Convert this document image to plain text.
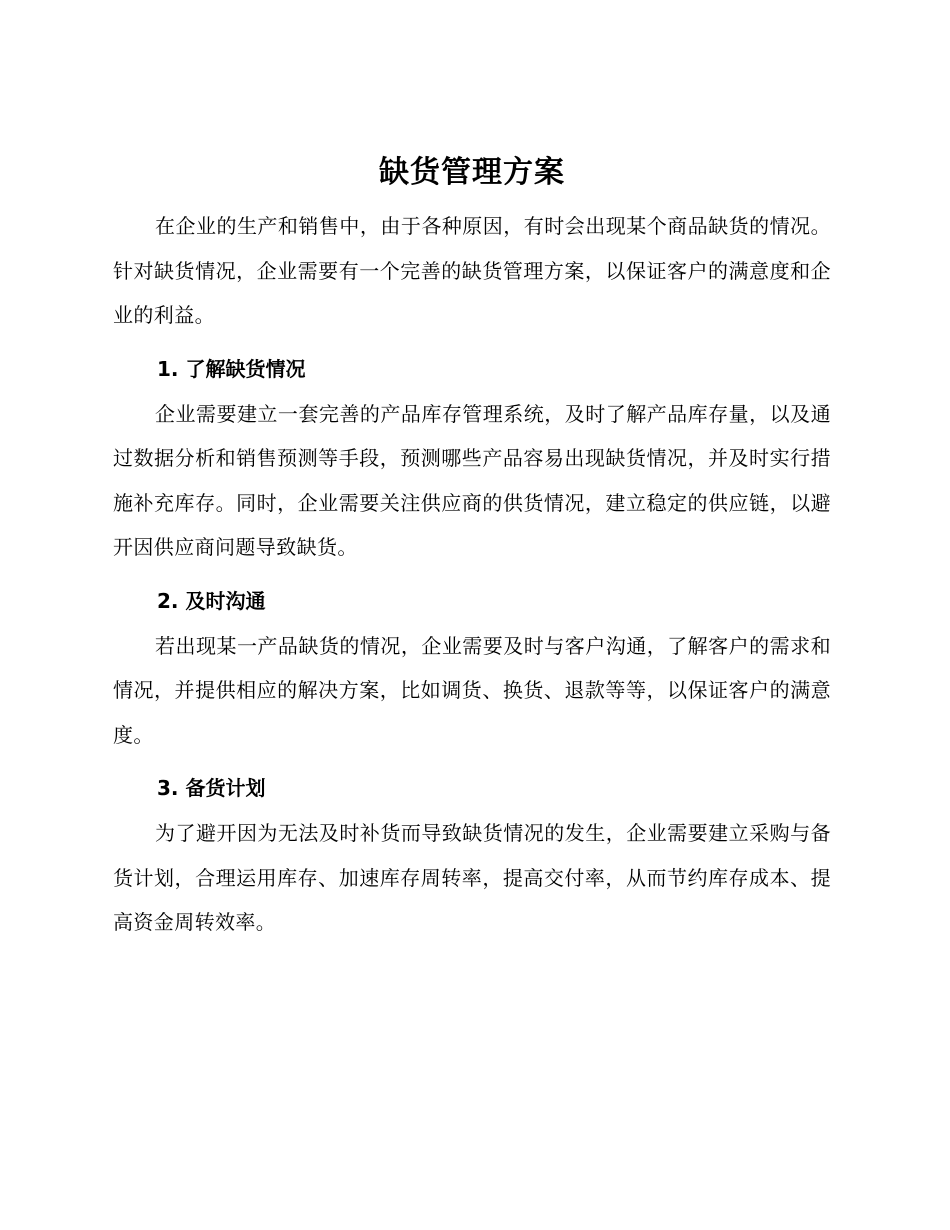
缺货管理方案

在企业的生产和销售中，由于各种原因，有时会出现某个商品缺货的情况。针对缺货情况，企业需要有一个完善的缺货管理方案，以保证客户的满意度和企业的利益。

1. 了解缺货情况

企业需要建立一套完善的产品库存管理系统，及时了解产品库存量，以及通过数据分析和销售预测等手段，预测哪些产品容易出现缺货情况，并及时实行措施补充库存。同时，企业需要关注供应商的供货情况，建立稳定的供应链，以避开因供应商问题导致缺货。

2. 及时沟通

若出现某一产品缺货的情况，企业需要及时与客户沟通，了解客户的需求和情况，并提供相应的解决方案，比如调货、换货、退款等等，以保证客户的满意度。

3. 备货计划

为了避开因为无法及时补货而导致缺货情况的发生，企业需要建立采购与备货计划，合理运用库存、加速库存周转率，提高交付率，从而节约库存成本、提高资金周转效率。
